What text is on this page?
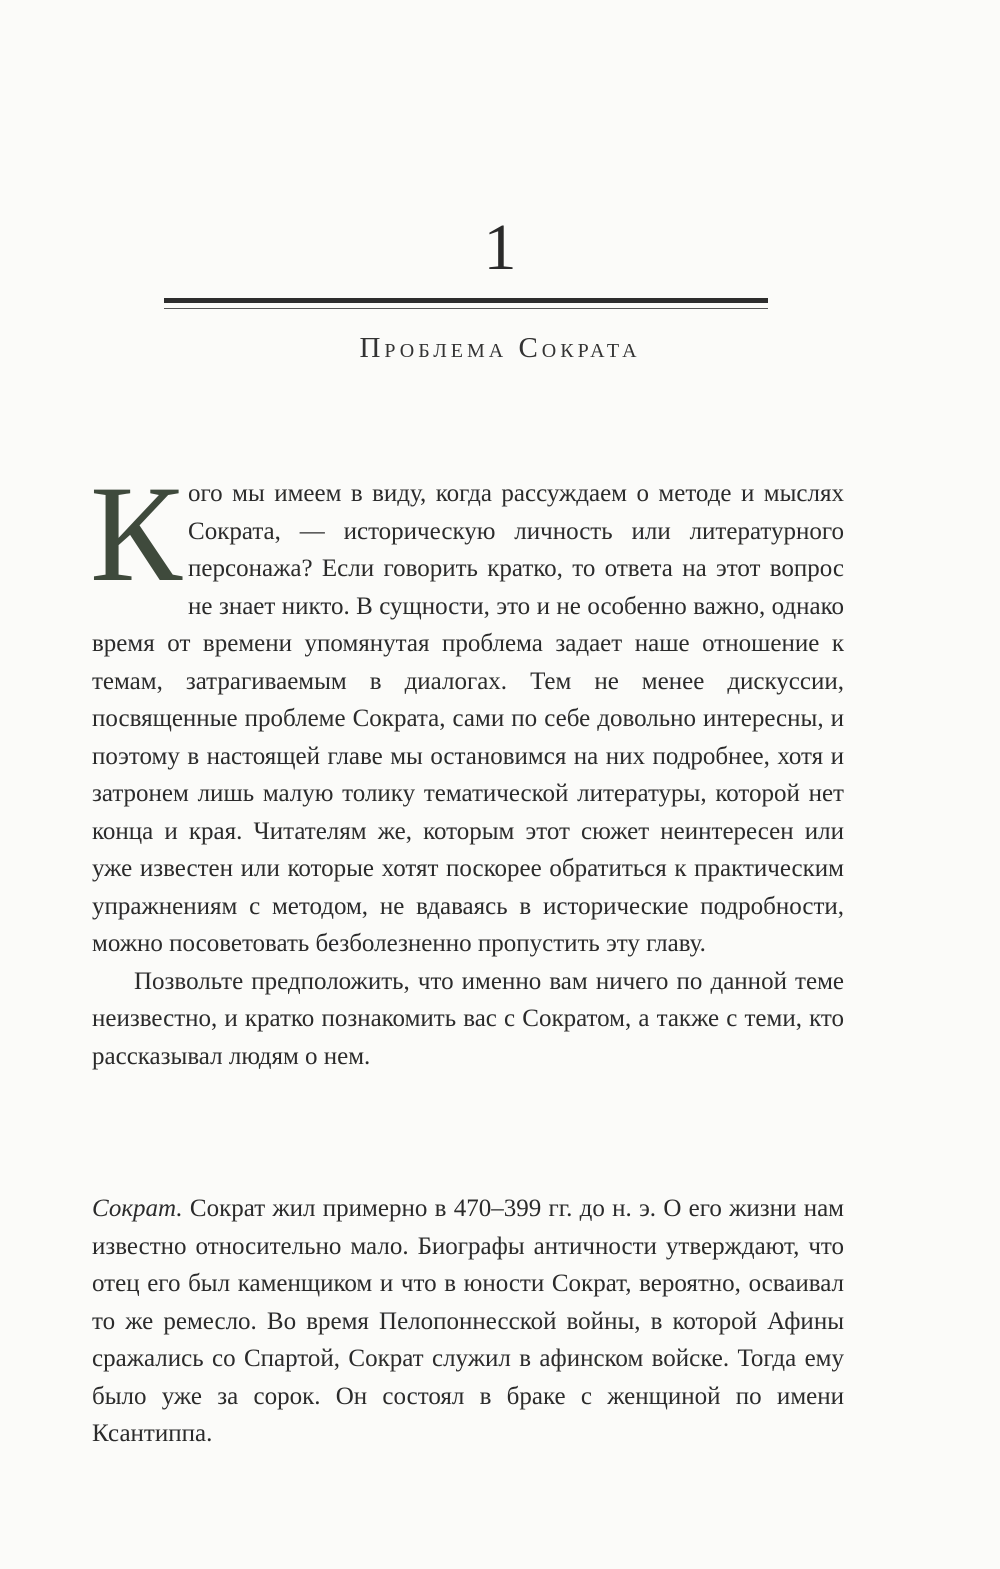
1
Проблема Сократа

Кого мы имеем в виду, когда рассуждаем о методе и мыслях Сократа, — историческую личность или литературного персонажа? Если говорить кратко, то ответа на этот вопрос не знает никто. В сущности, это и не особенно важно, однако время от времени упомянутая проблема задает наше отношение к темам, затрагиваемым в диалогах. Тем не менее дискуссии, посвященные проблеме Сократа, сами по себе довольно интересны, и поэтому в настоящей главе мы остановимся на них подробнее, хотя и затронем лишь малую толику тематической литературы, которой нет конца и края. Читателям же, которым этот сюжет неинтересен или уже известен или которые хотят поскорее обратиться к практическим упражнениям с методом, не вдаваясь в исторические подробности, можно посоветовать безболезненно пропустить эту главу.

Позвольте предположить, что именно вам ничего по данной теме неизвестно, и кратко познакомить вас с Сократом, а также с теми, кто рассказывал людям о нем.

Сократ. Сократ жил примерно в 470–399 гг. до н. э. О его жизни нам известно относительно мало. Биографы античности утверждают, что отец его был каменщиком и что в юности Сократ, вероятно, осваивал то же ремесло. Во время Пелопоннесской войны, в которой Афины сражались со Спартой, Сократ служил в афинском войске. Тогда ему было уже за сорок. Он состоял в браке с женщиной по имени Ксантиппа.
